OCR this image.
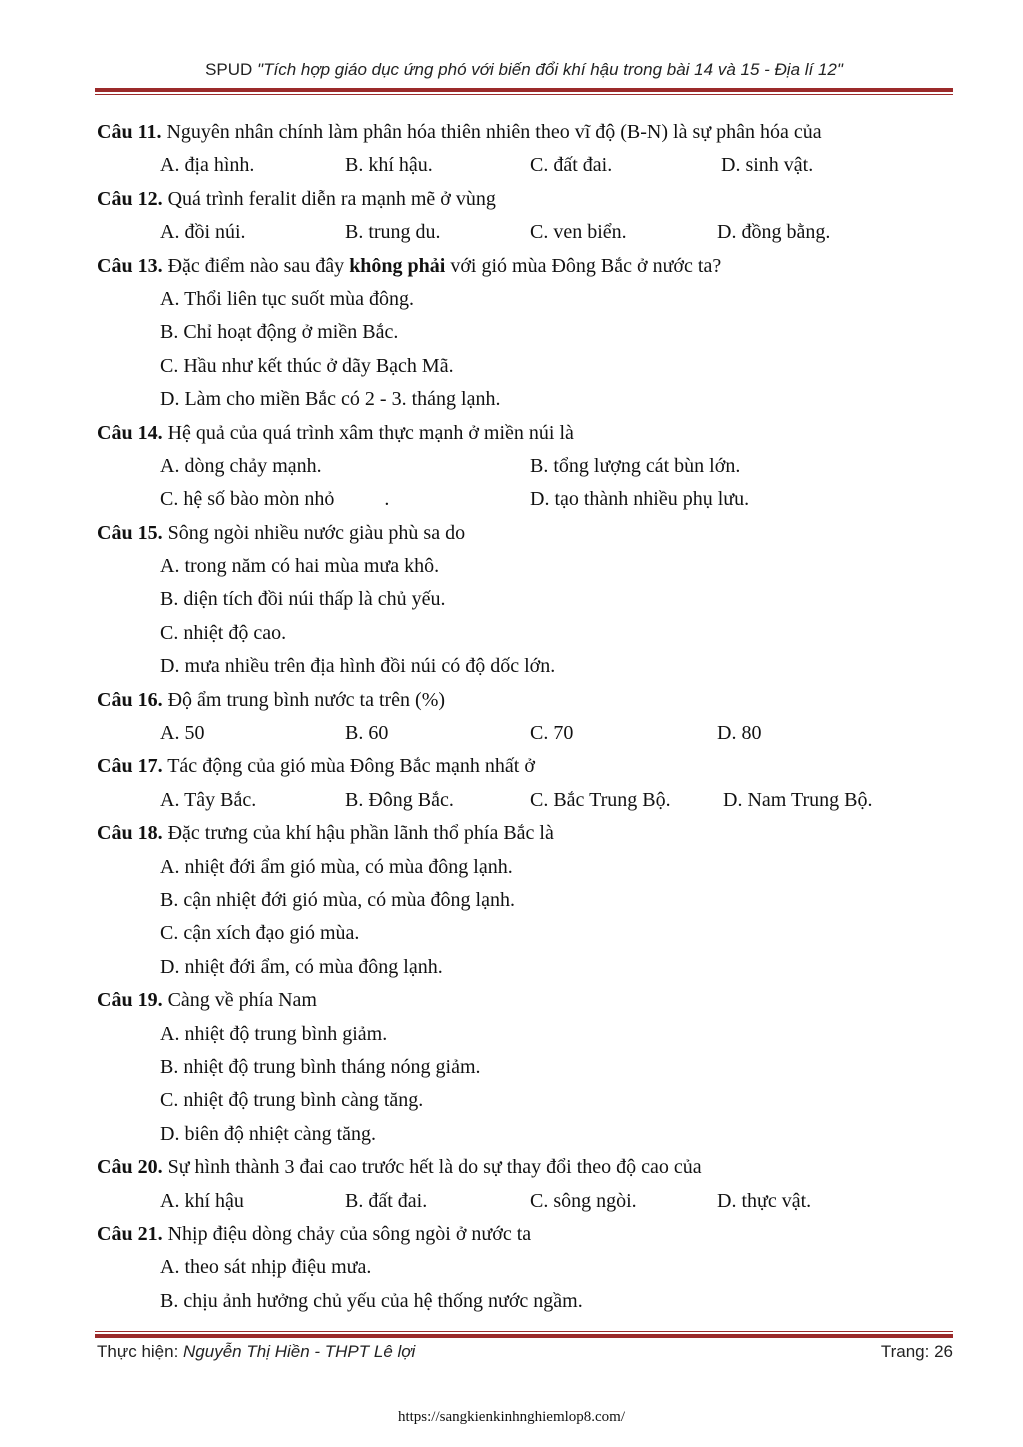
SPUD "Tích hợp giáo dục ứng phó với biến đổi khí hậu trong bài 14 và 15 - Địa lí 12"
Câu 11. Nguyên nhân chính làm phân hóa thiên nhiên theo vĩ độ (B-N) là sự phân hóa của
A. địa hình.	B. khí hậu.	C. đất đai.	D. sinh vật.
Câu 12. Quá trình feralit diễn ra mạnh mẽ ở vùng
A. đồi núi.	B. trung du.	C. ven biển.	D. đồng bằng.
Câu 13. Đặc điểm nào sau đây không phải với gió mùa Đông Bắc ở nước ta?
A. Thổi liên tục suốt mùa đông.
B. Chỉ hoạt động ở miền Bắc.
C. Hầu như kết thúc ở dãy Bạch Mã.
D. Làm cho miền Bắc có 2 - 3. tháng lạnh.
Câu 14. Hệ quả của quá trình xâm thực mạnh ở miền núi là
A. dòng chảy mạnh.	B. tổng lượng cát bùn lớn.
C. hệ số bào mòn nhỏ          .	D. tạo thành nhiều phụ lưu.
Câu 15. Sông ngòi nhiều nước giàu phù sa do
A. trong năm có hai mùa mưa khô.
B. diện tích đồi núi thấp là chủ yếu.
C. nhiệt độ cao.
D. mưa nhiều trên địa hình đồi núi có độ dốc lớn.
Câu 16. Độ ẩm trung bình nước ta trên (%)
A. 50	B. 60	C. 70	D. 80
Câu 17. Tác động của gió mùa Đông Bắc mạnh nhất ở
A. Tây Bắc.	B. Đông Bắc.	C. Bắc Trung Bộ.	D. Nam Trung Bộ.
Câu 18. Đặc trưng của khí hậu phần lãnh thổ phía Bắc là
A. nhiệt đới ẩm gió mùa, có mùa đông lạnh.
B. cận nhiệt đới gió mùa, có mùa đông lạnh.
C. cận xích đạo gió mùa.
D. nhiệt đới ẩm, có mùa đông lạnh.
Câu 19. Càng về phía Nam
A. nhiệt độ trung bình giảm.
B. nhiệt độ trung bình tháng nóng giảm.
C. nhiệt độ trung bình càng tăng.
D. biên độ nhiệt càng tăng.
Câu 20. Sự hình thành 3 đai cao trước hết là do sự thay đổi theo độ cao của
A. khí hậu	B. đất đai.	C. sông ngòi.	D. thực vật.
Câu 21. Nhịp điệu dòng chảy của sông ngòi ở nước ta
A. theo sát nhịp điệu mưa.
B. chịu ảnh hưởng chủ yếu của hệ thống nước ngầm.
Thực hiện: Nguyễn Thị Hiền - THPT Lê lợi	Trang: 26
https://sangkienkinhnghiemlop8.com/
